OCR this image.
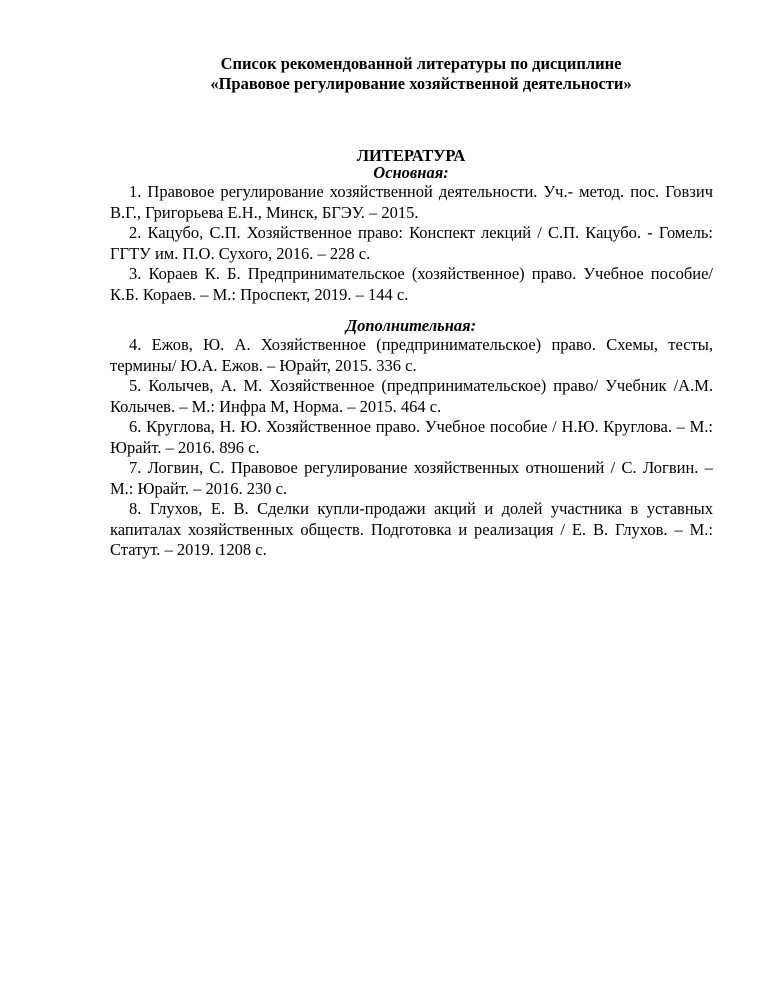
Список рекомендованной литературы по дисциплине
«Правовое регулирование хозяйственной деятельности»
ЛИТЕРАТУРА
Основная:

1. Правовое регулирование хозяйственной деятельности. Уч.- метод. пос. Говзич В.Г., Григорьева Е.Н., Минск, БГЭУ. – 2015.

2. Кацубо, С.П. Хозяйственное право: Конспект лекций / С.П. Кацубо. - Гомель: ГГТУ им. П.О. Сухого, 2016. – 228 с.

3. Кораев К. Б. Предпринимательское (хозяйственное) право. Учебное пособие/ К.Б. Кораев. – М.: Проспект, 2019. – 144 с.

Дополнительная:

4. Ежов, Ю. А. Хозяйственное (предпринимательское) право. Схемы, тесты, термины/ Ю.А. Ежов. – Юрайт, 2015. 336 с.

5. Колычев, А. М. Хозяйственное (предпринимательское) право/ Учебник /А.М. Колычев. – М.: Инфра М, Норма. – 2015. 464 с.

6. Круглова, Н. Ю. Хозяйственное право. Учебное пособие / Н.Ю. Круглова. – М.: Юрайт. – 2016. 896 с.

7. Логвин, С. Правовое регулирование хозяйственных отношений / С. Логвин. – М.: Юрайт. – 2016. 230 с.

8. Глухов, Е. В. Сделки купли-продажи акций и долей участника в уставных капиталах хозяйственных обществ. Подготовка и реализация / Е. В. Глухов. – М.: Статут. – 2019. 1208 с.
